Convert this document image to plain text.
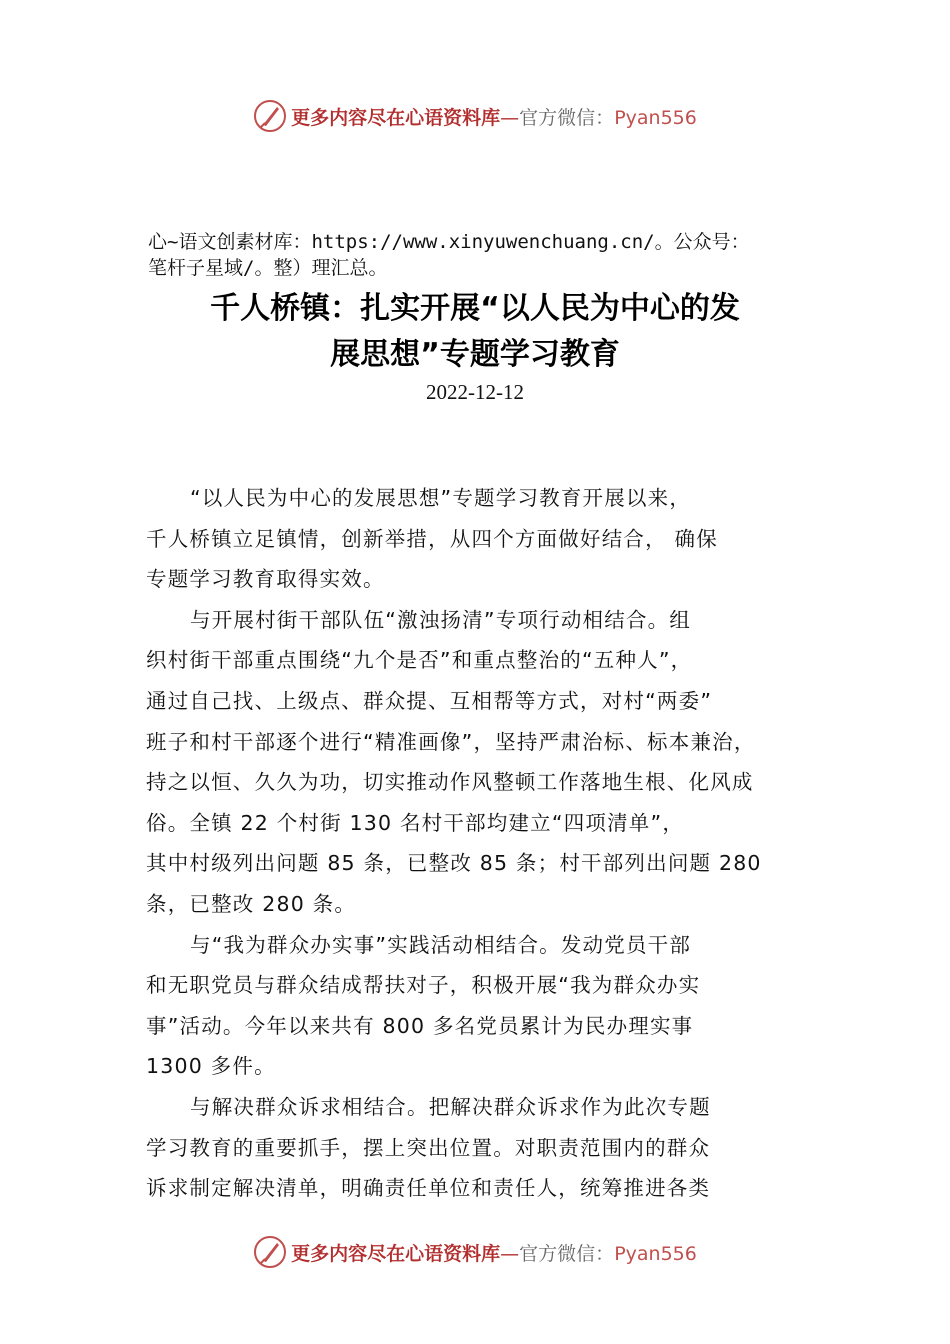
更多内容尽在心语资料库—官方微信：Pyan556
心~语文创素材库：https://www.xinyuwenchuang.cn/。公众号：
笔杆子星域/。整）理汇总。
千人桥镇：扎实开展“以人民为中心的发
展思想”专题学习教育
2022-12-12
“以人民为中心的发展思想”专题学习教育开展以来，
千人桥镇立足镇情，创新举措，从四个方面做好结合， 确保
专题学习教育取得实效。
与开展村街干部队伍“激浊扬清”专项行动相结合。组
织村街干部重点围绕“九个是否”和重点整治的“五种人”，
通过自己找、上级点、群众提、互相帮等方式，对村“两委”
班子和村干部逐个进行“精准画像”，坚持严肃治标、标本兼治，
持之以恒、久久为功，切实推动作风整顿工作落地生根、化风成
俗。全镇 22 个村街 130 名村干部均建立“四项清单”，
其中村级列出问题 85 条，已整改 85 条；村干部列出问题 280
条，已整改 280 条。
与“我为群众办实事”实践活动相结合。发动党员干部
和无职党员与群众结成帮扶对子，积极开展“我为群众办实
事”活动。今年以来共有 800 多名党员累计为民办理实事
1300 多件。
与解决群众诉求相结合。把解决群众诉求作为此次专题
学习教育的重要抓手，摆上突出位置。对职责范围内的群众
诉求制定解决清单，明确责任单位和责任人，统筹推进各类
更多内容尽在心语资料库—官方微信：Pyan556
